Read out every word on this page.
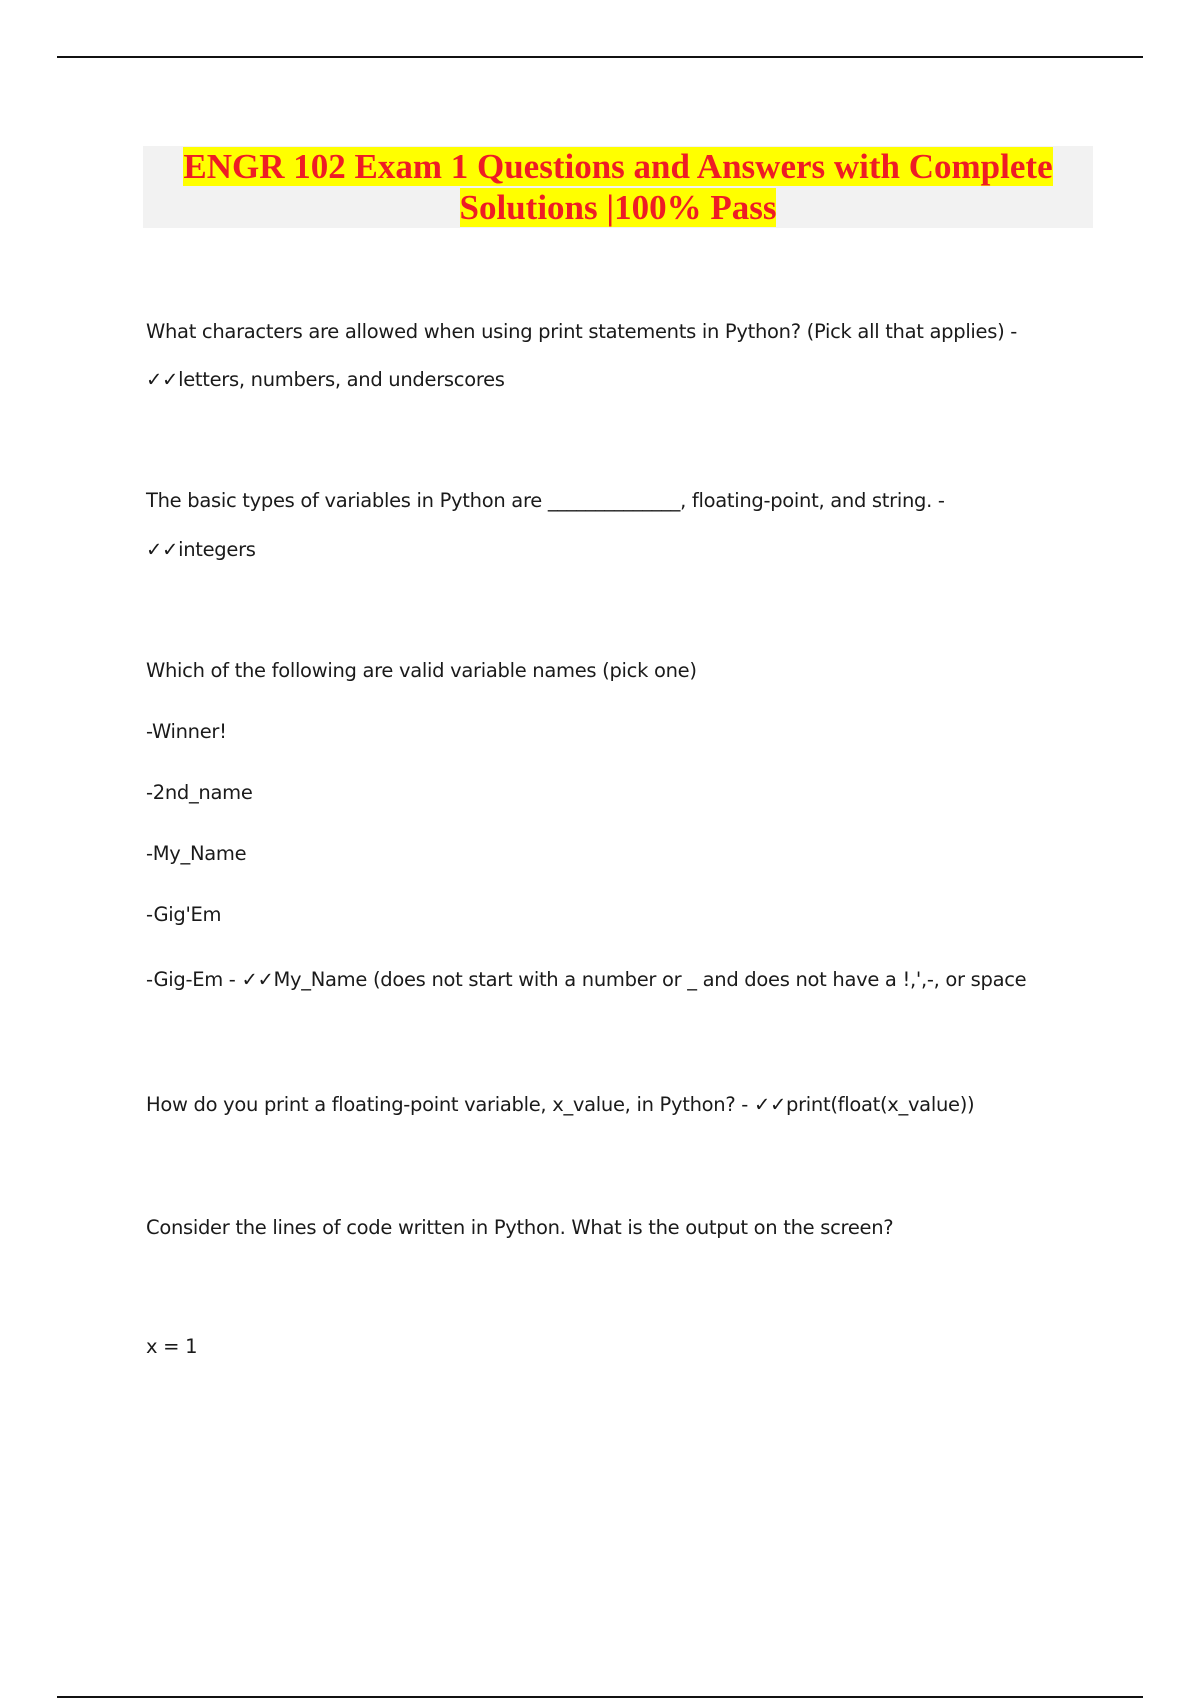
ENGR 102 Exam 1 Questions and Answers with Complete
Solutions |100% Pass
What characters are allowed when using print statements in Python? (Pick all that applies) -
✓✓letters, numbers, and underscores
The basic types of variables in Python are ______________, floating-point, and string. -
✓✓integers
Which of the following are valid variable names (pick one)
-Winner!
-2nd_name
-My_Name
-Gig'Em
-Gig-Em - ✓✓My_Name (does not start with a number or _ and does not have a !,',-, or space
How do you print a floating-point variable, x_value, in Python? - ✓✓print(float(x_value))
Consider the lines of code written in Python. What is the output on the screen?
x = 1
